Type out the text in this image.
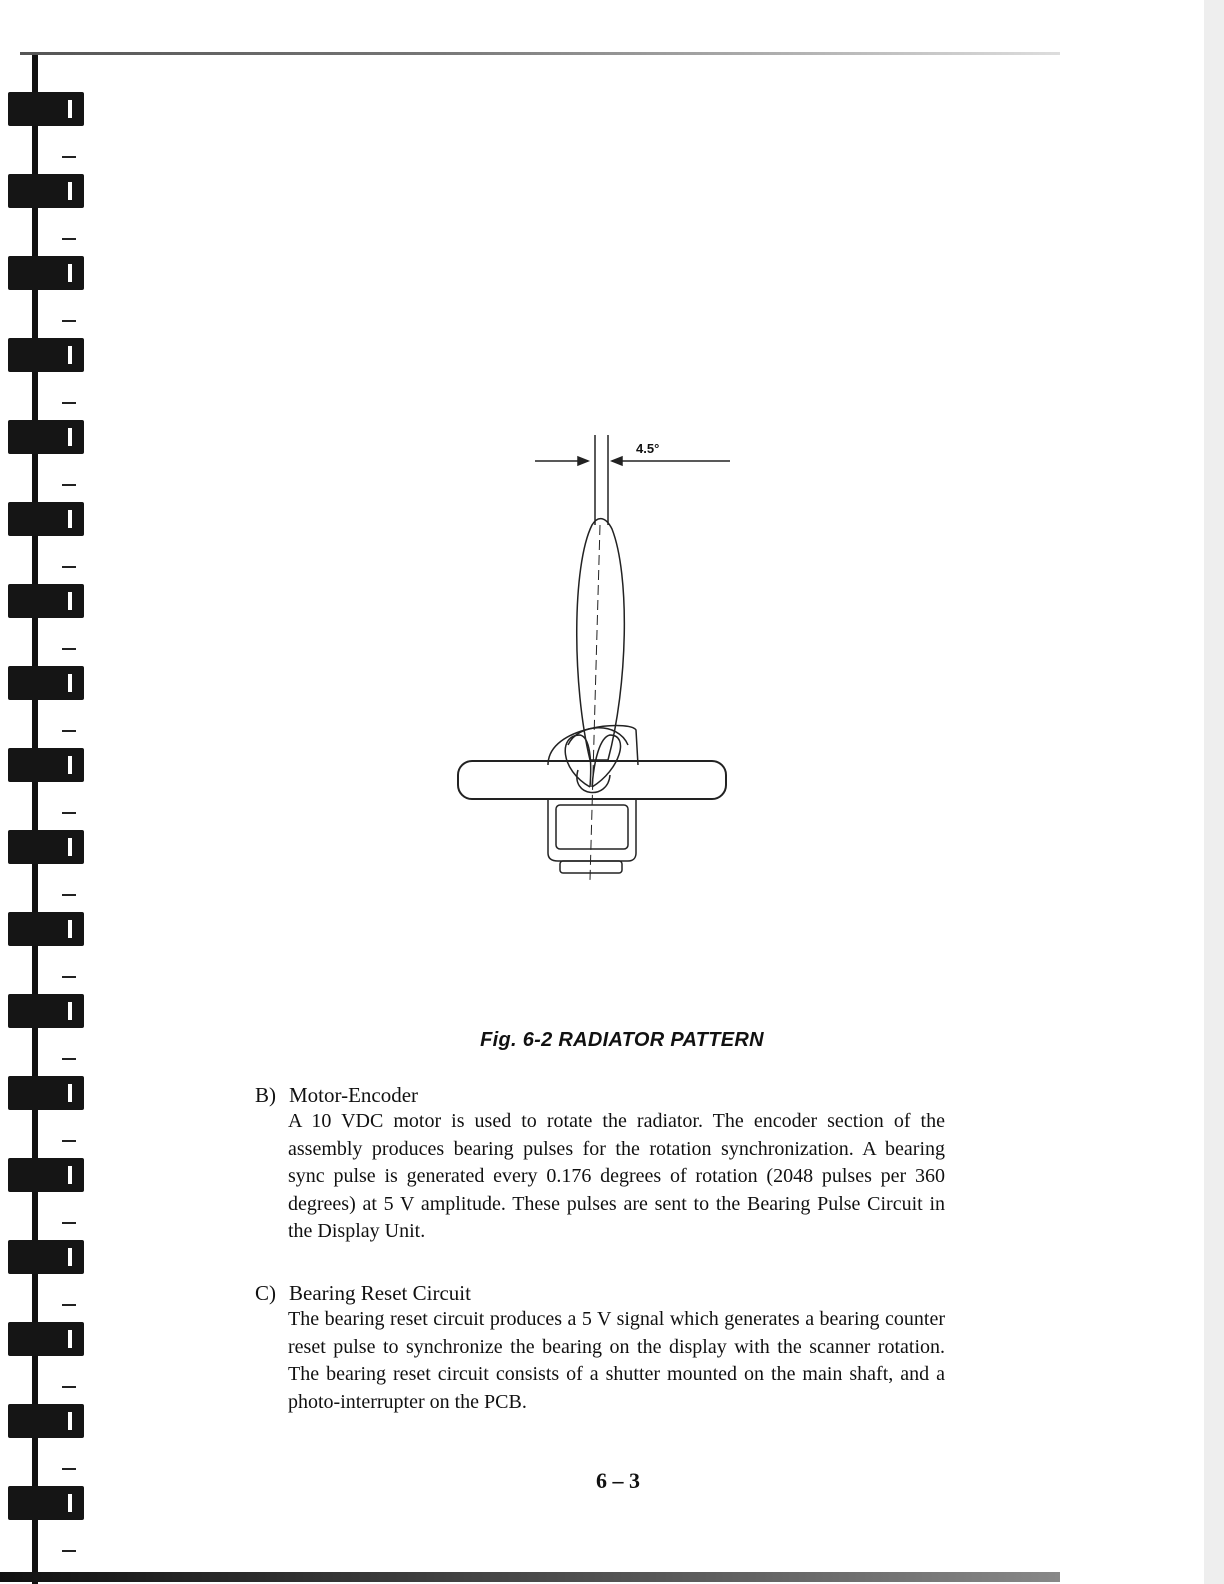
4.5°
Fig. 6-2 RADIATOR PATTERN
B) Motor-Encoder
A 10 VDC motor is used to rotate the radiator. The encoder section of the assembly produces bearing pulses for the rotation synchronization. A bearing sync pulse is generated every 0.176 degrees of rotation (2048 pulses per 360 degrees) at 5 V amplitude. These pulses are sent to the Bearing Pulse Circuit in the Display Unit.
C) Bearing Reset Circuit
The bearing reset circuit produces a 5 V signal which generates a bearing counter reset pulse to synchronize the bearing on the display with the scanner rotation. The bearing reset circuit consists of a shutter mounted on the main shaft, and a photo-interrupter on the PCB.
6 – 3
